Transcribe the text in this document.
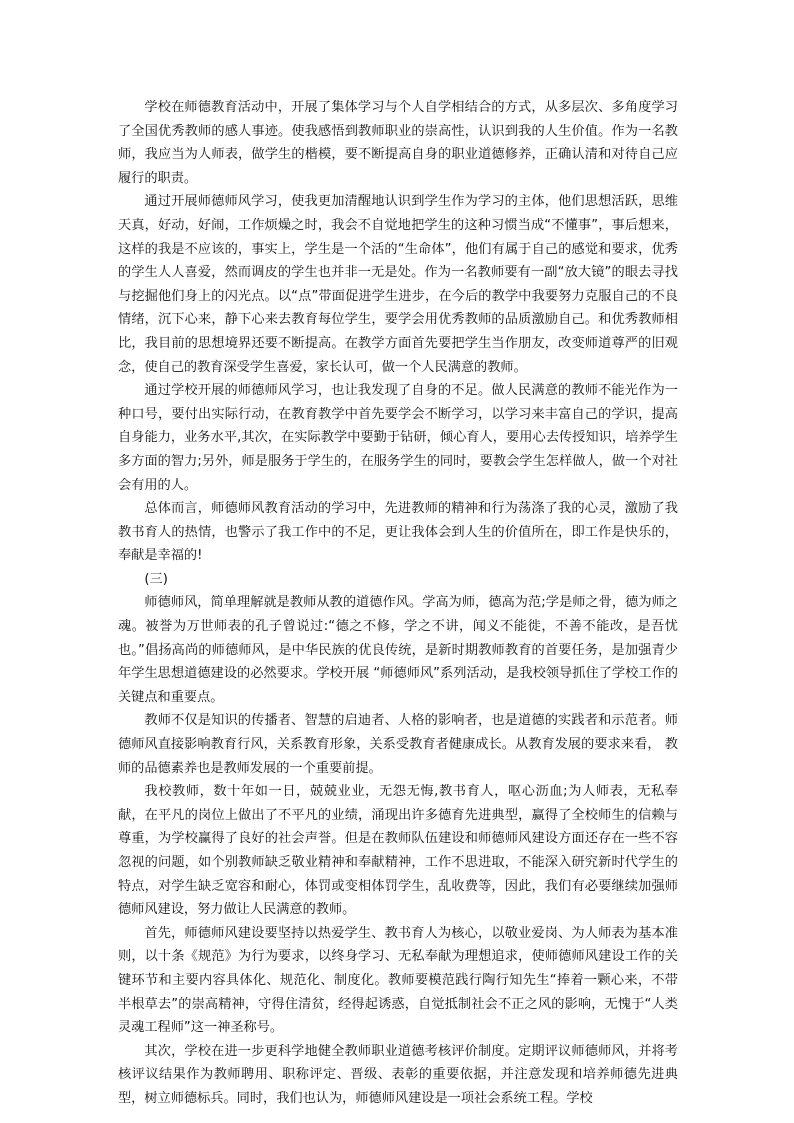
学校在师德教育活动中，开展了集体学习与个人自学相结合的方式，从多层次、多角度学习了全国优秀教师的感人事迹。使我感悟到教师职业的崇高性，认识到我的人生价值。作为一名教师，我应当为人师表，做学生的楷模，要不断提高自身的职业道德修养，正确认清和对待自己应履行的职责。

通过开展师德师风学习，使我更加清醒地认识到学生作为学习的主体，他们思想活跃，思维天真，好动，好闹，工作烦燥之时，我会不自觉地把学生的这种习惯当成“不懂事”，事后想来，这样的我是不应该的，事实上，学生是一个活的“生命体”，他们有属于自己的感觉和要求，优秀的学生人人喜爱，然而调皮的学生也并非一无是处。作为一名教师要有一副“放大镜”的眼去寻找与挖掘他们身上的闪光点。以“点”带面促进学生进步，在今后的教学中我要努力克服自己的不良情绪，沉下心来，静下心来去教育每位学生，要学会用优秀教师的品质激励自己。和优秀教师相比，我目前的思想境界还要不断提高。在教学方面首先要把学生当作朋友，改变师道尊严的旧观念，使自己的教育深受学生喜爱，家长认可，做一个人民满意的教师。

通过学校开展的师德师风学习，也让我发现了自身的不足。做人民满意的教师不能光作为一种口号，要付出实际行动，在教育教学中首先要学会不断学习，以学习来丰富自己的学识，提高自身能力，业务水平,其次，在实际教学中要勤于钻研，倾心育人，要用心去传授知识，培养学生多方面的智力;另外，师是服务于学生的，在服务学生的同时，要教会学生怎样做人，做一个对社会有用的人。

总体而言，师德师风教育活动的学习中，先进教师的精神和行为荡涤了我的心灵，激励了我教书育人的热情，也警示了我工作中的不足，更让我体会到人生的价值所在，即工作是快乐的，奉献是幸福的!

(三)

师德师风，简单理解就是教师从教的道德作风。学高为师，德高为范;学是师之骨，德为师之魂。被誉为万世师表的孔子曾说过:“德之不修，学之不讲，闻义不能徙，不善不能改，是吾忧也。”倡扬高尚的师德师风，是中华民族的优良传统，是新时期教师教育的首要任务，是加强青少年学生思想道德建设的必然要求。学校开展 “师德师风”系列活动，是我校领导抓住了学校工作的关键点和重要点。

教师不仅是知识的传播者、智慧的启迪者、人格的影响者，也是道德的实践者和示范者。师德师风直接影响教育行风，关系教育形象，关系受教育者健康成长。从教育发展的要求来看， 教师的品德素养也是教师发展的一个重要前提。

我校教师，数十年如一日，兢兢业业，无怨无悔,教书育人，呕心沥血;为人师表，无私奉献，在平凡的岗位上做出了不平凡的业绩，涌现出许多德育先进典型，赢得了全校师生的信赖与尊重，为学校赢得了良好的社会声誉。但是在教师队伍建设和师德师风建设方面还存在一些不容忽视的问题，如个别教师缺乏敬业精神和奉献精神，工作不思进取，不能深入研究新时代学生的特点，对学生缺乏宽容和耐心，体罚或变相体罚学生，乱收费等，因此，我们有必要继续加强师德师风建设，努力做让人民满意的教师。

首先，师德师风建设要坚持以热爱学生、教书育人为核心，以敬业爱岗、为人师表为基本准则，以十条《规范》为行为要求，以终身学习、无私奉献为理想追求，使师德师风建设工作的关键环节和主要内容具体化、规范化、制度化。教师要模范践行陶行知先生“捧着一颗心来，不带半根草去”的崇高精神，守得住清贫，经得起诱惑，自觉抵制社会不正之风的影响，无愧于“人类灵魂工程师”这一神圣称号。

其次，学校在进一步更科学地健全教师职业道德考核评价制度。定期评议师德师风，并将考核评议结果作为教师聘用、职称评定、晋级、表彰的重要依据，并注意发现和培养师德先进典型，树立师德标兵。同时，我们也认为，师德师风建设是一项社会系统工程。学校
